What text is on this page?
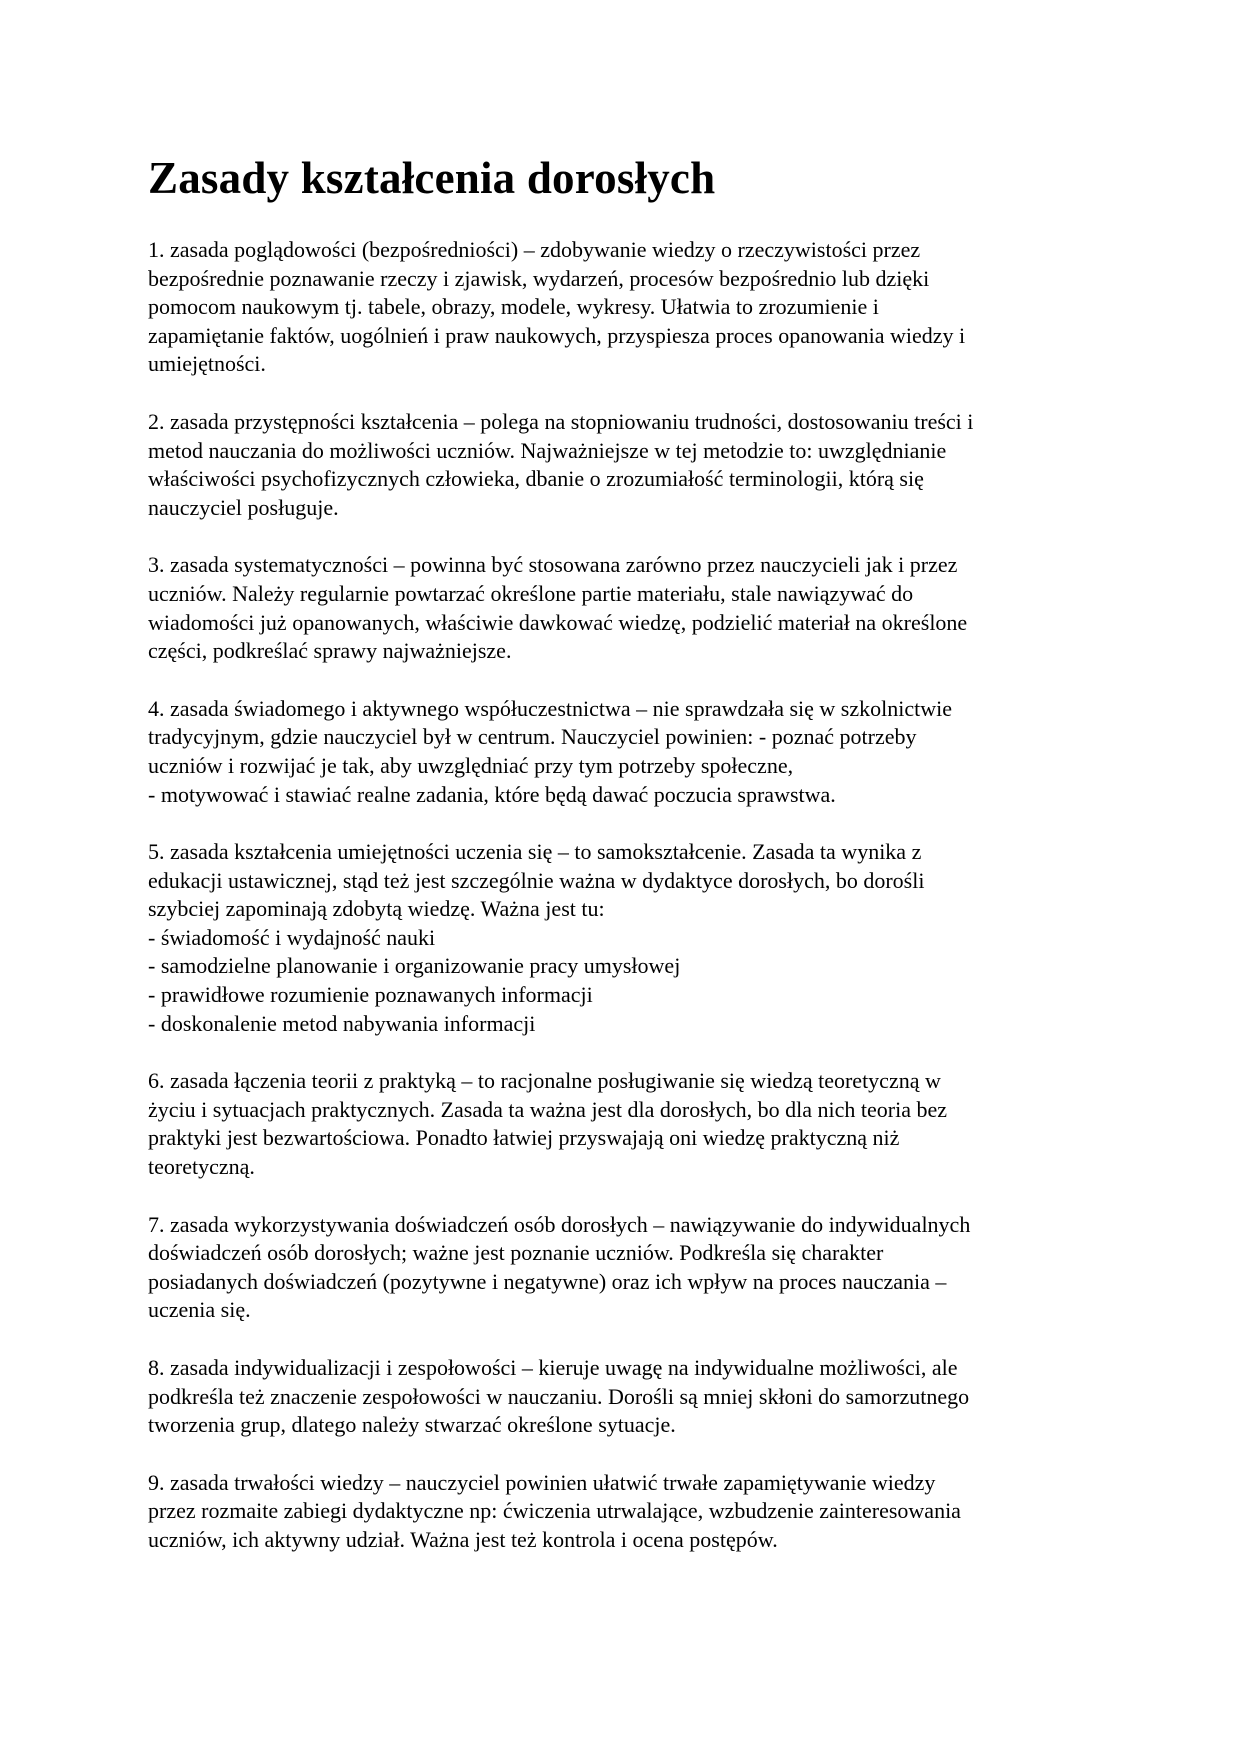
Zasady kształcenia dorosłych
1. zasada poglądowości (bezpośredniości) – zdobywanie wiedzy o rzeczywistości przez
bezpośrednie poznawanie rzeczy i zjawisk, wydarzeń, procesów bezpośrednio lub dzięki
pomocom naukowym tj. tabele, obrazy, modele, wykresy. Ułatwia to zrozumienie i
zapamiętanie faktów, uogólnień i praw naukowych, przyspiesza proces opanowania wiedzy i
umiejętności.
2. zasada przystępności kształcenia – polega na stopniowaniu trudności, dostosowaniu treści i
metod nauczania do możliwości uczniów. Najważniejsze w tej metodzie to: uwzględnianie
właściwości psychofizycznych człowieka, dbanie o zrozumiałość terminologii, którą się
nauczyciel posługuje.
3. zasada systematyczności – powinna być stosowana zarówno przez nauczycieli jak i przez
uczniów. Należy regularnie powtarzać określone partie materiału, stale nawiązywać do
wiadomości już opanowanych, właściwie dawkować wiedzę, podzielić materiał na określone
części, podkreślać sprawy najważniejsze.
4. zasada świadomego i aktywnego współuczestnictwa – nie sprawdzała się w szkolnictwie
tradycyjnym, gdzie nauczyciel był w centrum. Nauczyciel powinien: - poznać potrzeby
uczniów i rozwijać je tak, aby uwzględniać przy tym potrzeby społeczne,
- motywować i stawiać realne zadania, które będą dawać poczucia sprawstwa.
5. zasada kształcenia umiejętności uczenia się – to samokształcenie. Zasada ta wynika z
edukacji ustawicznej, stąd też jest szczególnie ważna w dydaktyce dorosłych, bo dorośli
szybciej zapominają zdobytą wiedzę. Ważna jest tu:
- świadomość i wydajność nauki
- samodzielne planowanie i organizowanie pracy umysłowej
- prawidłowe rozumienie poznawanych informacji
- doskonalenie metod nabywania informacji
6. zasada łączenia teorii z praktyką – to racjonalne posługiwanie się wiedzą teoretyczną w
życiu i sytuacjach praktycznych. Zasada ta ważna jest dla dorosłych, bo dla nich teoria bez
praktyki jest bezwartościowa. Ponadto łatwiej przyswajają oni wiedzę praktyczną niż
teoretyczną.
7. zasada wykorzystywania doświadczeń osób dorosłych – nawiązywanie do indywidualnych
doświadczeń osób dorosłych; ważne jest poznanie uczniów. Podkreśla się charakter
posiadanych doświadczeń (pozytywne i negatywne) oraz ich wpływ na proces nauczania –
uczenia się.
8. zasada indywidualizacji i zespołowości – kieruje uwagę na indywidualne możliwości, ale
podkreśla też znaczenie zespołowości w nauczaniu. Dorośli są mniej skłoni do samorzutnego
tworzenia grup, dlatego należy stwarzać określone sytuacje.
9. zasada trwałości wiedzy – nauczyciel powinien ułatwić trwałe zapamiętywanie wiedzy
przez rozmaite zabiegi dydaktyczne np: ćwiczenia utrwalające, wzbudzenie zainteresowania
uczniów, ich aktywny udział. Ważna jest też kontrola i ocena postępów.
